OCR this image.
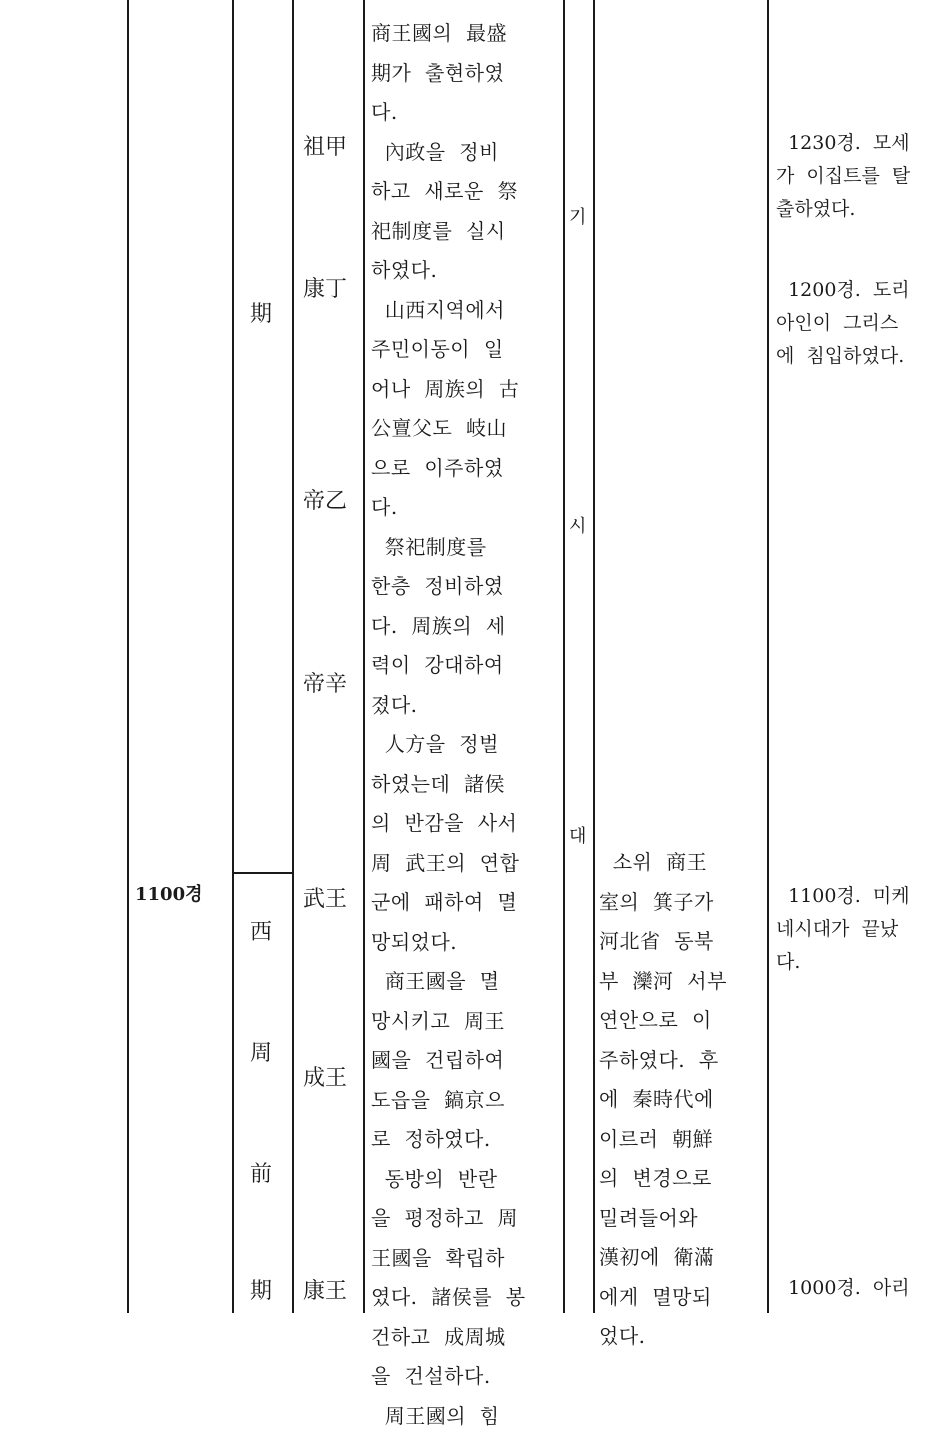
1100경
期
西
周
前
期
祖甲
康丁
帝乙
帝辛
武王
成王
康王
商王國의  最盛
期가  출현하였
다.
內政을  정비
하고  새로운  祭
祀制度를  실시
하였다.
山西지역에서
주민이동이  일
어나  周族의  古
公亶父도  岐山
으로  이주하였
다.
祭祀制度를
한층  정비하였
다.  周族의  세
력이  강대하여
졌다.
人方을  정벌
하였는데  諸侯
의  반감을  사서
周  武王의  연합
군에  패하여  멸
망되었다.
商王國을  멸
망시키고  周王
國을  건립하여
도읍을  鎬京으
로  정하였다.
동방의  반란
을  평정하고  周
王國을  확립하
였다.  諸侯를  봉
건하고  成周城
을  건설하다.
周王國의  힘
기
시
대
소위  商王
室의  箕子가
河北省  동북
부  灤河  서부
연안으로  이
주하였다.  후
에  秦時代에
이르러  朝鮮
의  변경으로
밀려들어와
漢初에  衛滿
에게  멸망되
었다.
1230경.  모세
가  이집트를  탈
출하였다.
1200경.  도리
아인이  그리스
에  침입하였다.
1100경.  미케
네시대가  끝났
다.
1000경.  아리
